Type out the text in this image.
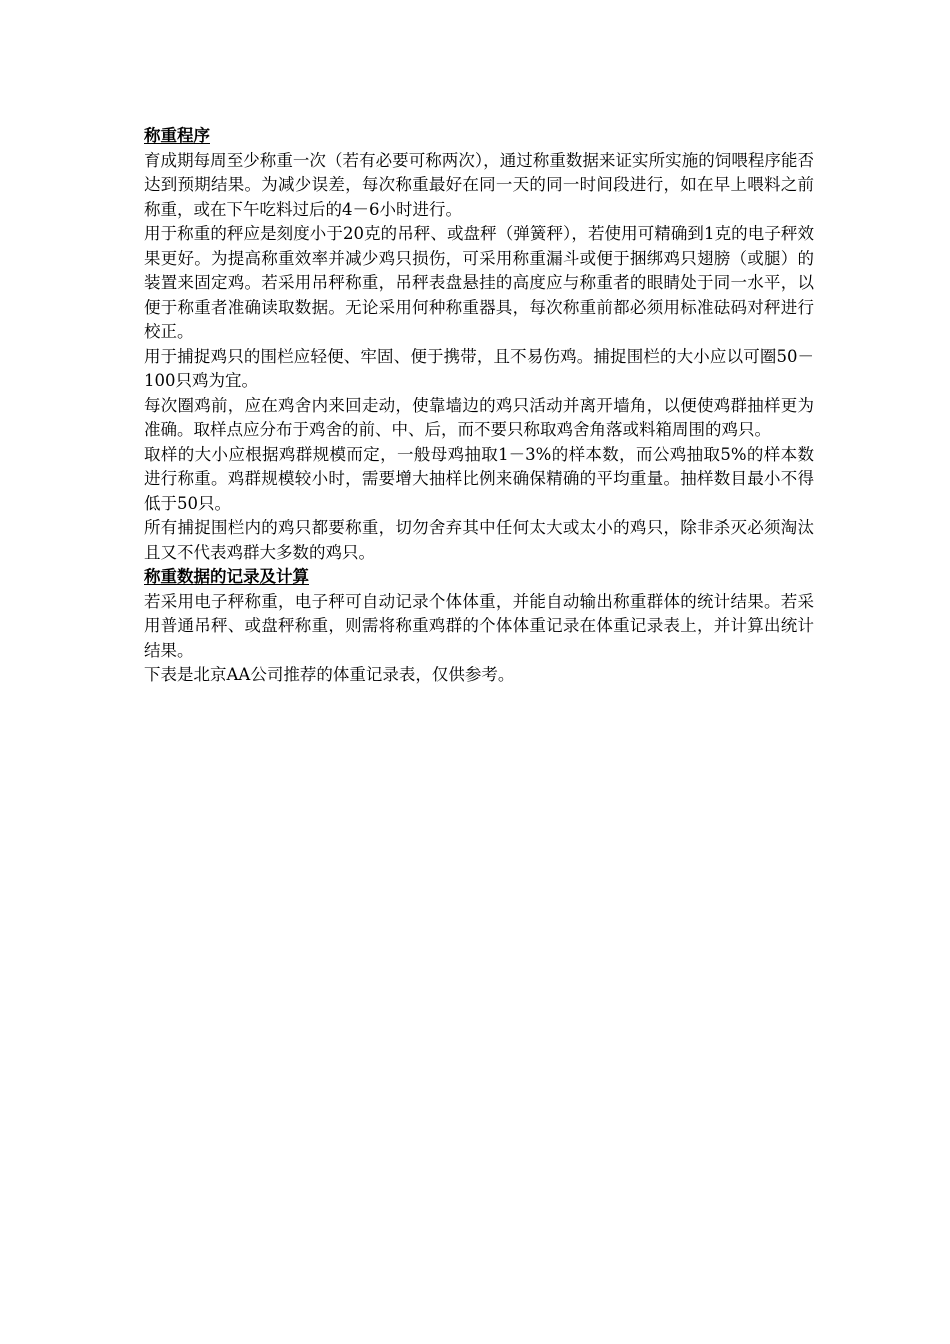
称重程序

育成期每周至少称重一次（若有必要可称两次），通过称重数据来证实所实施的饲喂程序能否达到预期结果。为减少误差，每次称重最好在同一天的同一时间段进行，如在早上喂料之前称重，或在下午吃料过后的4－6小时进行。

用于称重的秤应是刻度小于20克的吊秤、或盘秤（弹簧秤），若使用可精确到1克的电子秤效果更好。为提高称重效率并减少鸡只损伤，可采用称重漏斗或便于捆绑鸡只翅膀（或腿）的装置来固定鸡。若采用吊秤称重，吊秤表盘悬挂的高度应与称重者的眼睛处于同一水平，以便于称重者准确读取数据。无论采用何种称重器具，每次称重前都必须用标准砝码对秤进行校正。

用于捕捉鸡只的围栏应轻便、牢固、便于携带，且不易伤鸡。捕捉围栏的大小应以可圈50－100只鸡为宜。

每次圈鸡前，应在鸡舍内来回走动，使靠墙边的鸡只活动并离开墙角，以便使鸡群抽样更为准确。取样点应分布于鸡舍的前、中、后，而不要只称取鸡舍角落或料箱周围的鸡只。

取样的大小应根据鸡群规模而定，一般母鸡抽取1－3%的样本数，而公鸡抽取5%的样本数进行称重。鸡群规模较小时，需要增大抽样比例来确保精确的平均重量。抽样数目最小不得低于50只。

所有捕捉围栏内的鸡只都要称重，切勿舍弃其中任何太大或太小的鸡只，除非杀灭必须淘汰且又不代表鸡群大多数的鸡只。

称重数据的记录及计算

若采用电子秤称重，电子秤可自动记录个体体重，并能自动输出称重群体的统计结果。若采用普通吊秤、或盘秤称重，则需将称重鸡群的个体体重记录在体重记录表上，并计算出统计结果。

下表是北京AA公司推荐的体重记录表，仅供参考。
